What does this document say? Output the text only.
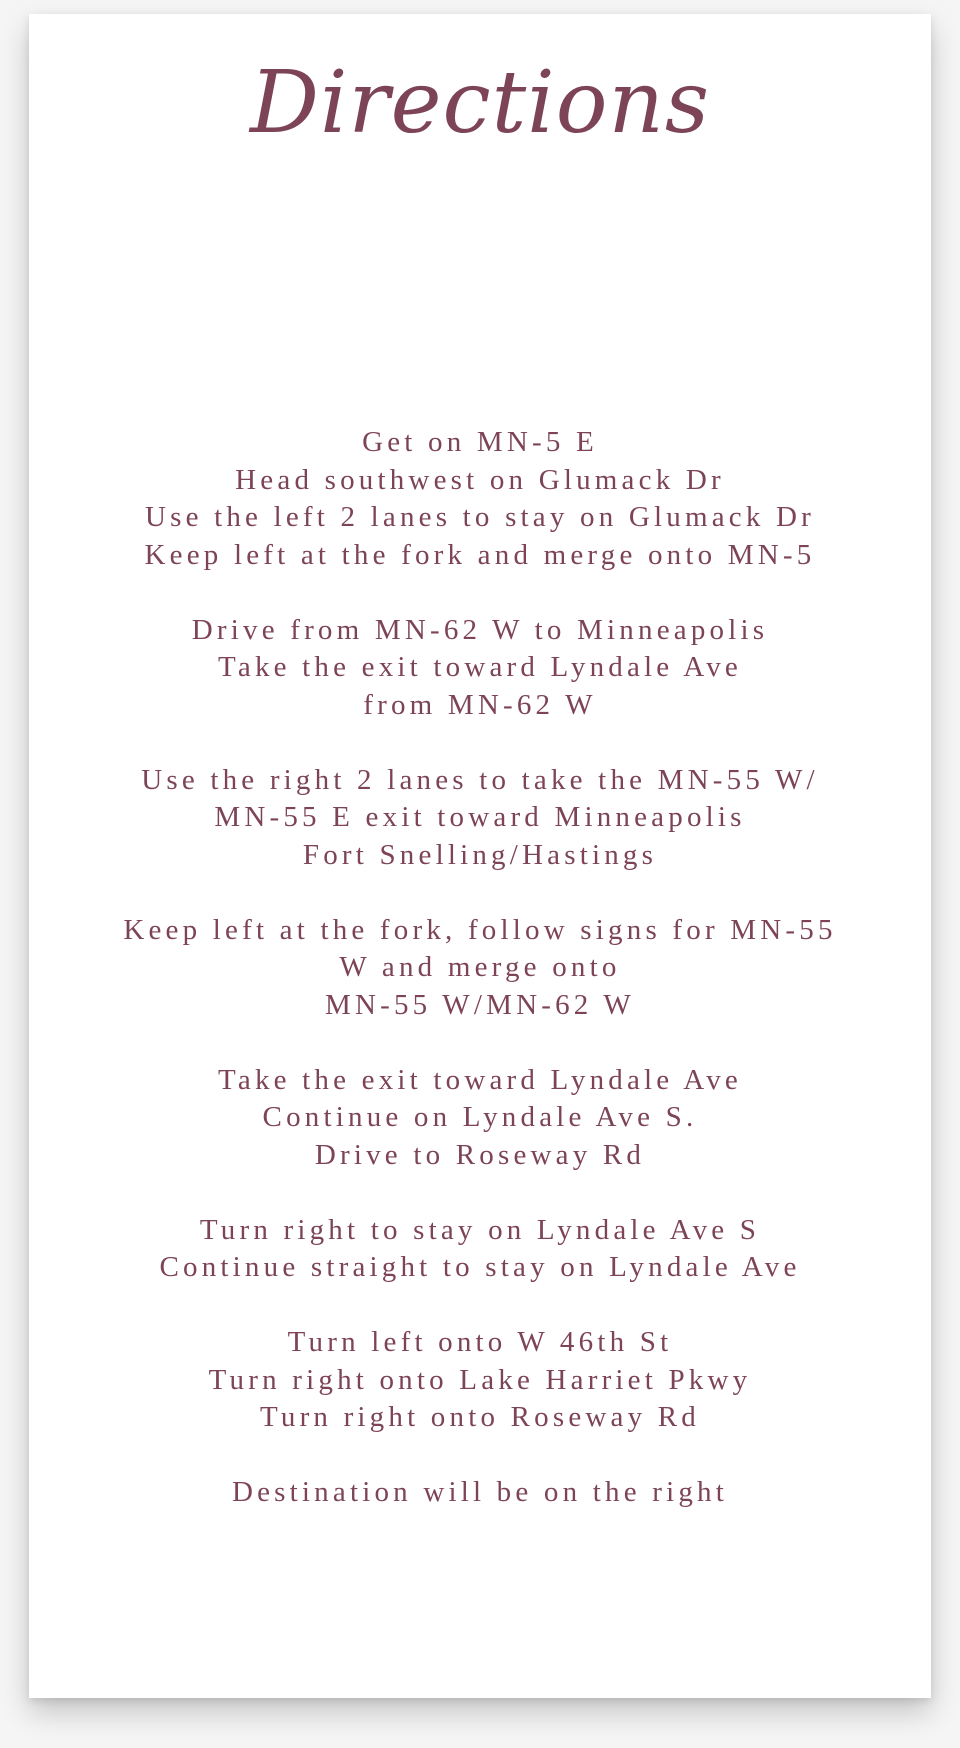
Directions

Get on MN-5 E
Head southwest on Glumack Dr
Use the left 2 lanes to stay on Glumack Dr
Keep left at the fork and merge onto MN-5

Drive from MN-62 W to Minneapolis
Take the exit toward Lyndale Ave
from MN-62 W

Use the right 2 lanes to take the MN-55 W/
MN-55 E exit toward Minneapolis
Fort Snelling/Hastings

Keep left at the fork, follow signs for MN-55
W and merge onto
MN-55 W/MN-62 W

Take the exit toward Lyndale Ave
Continue on Lyndale Ave S.
Drive to Roseway Rd

Turn right to stay on Lyndale Ave S
Continue straight to stay on Lyndale Ave

Turn left onto W 46th St
Turn right onto Lake Harriet Pkwy
Turn right onto Roseway Rd

Destination will be on the right
